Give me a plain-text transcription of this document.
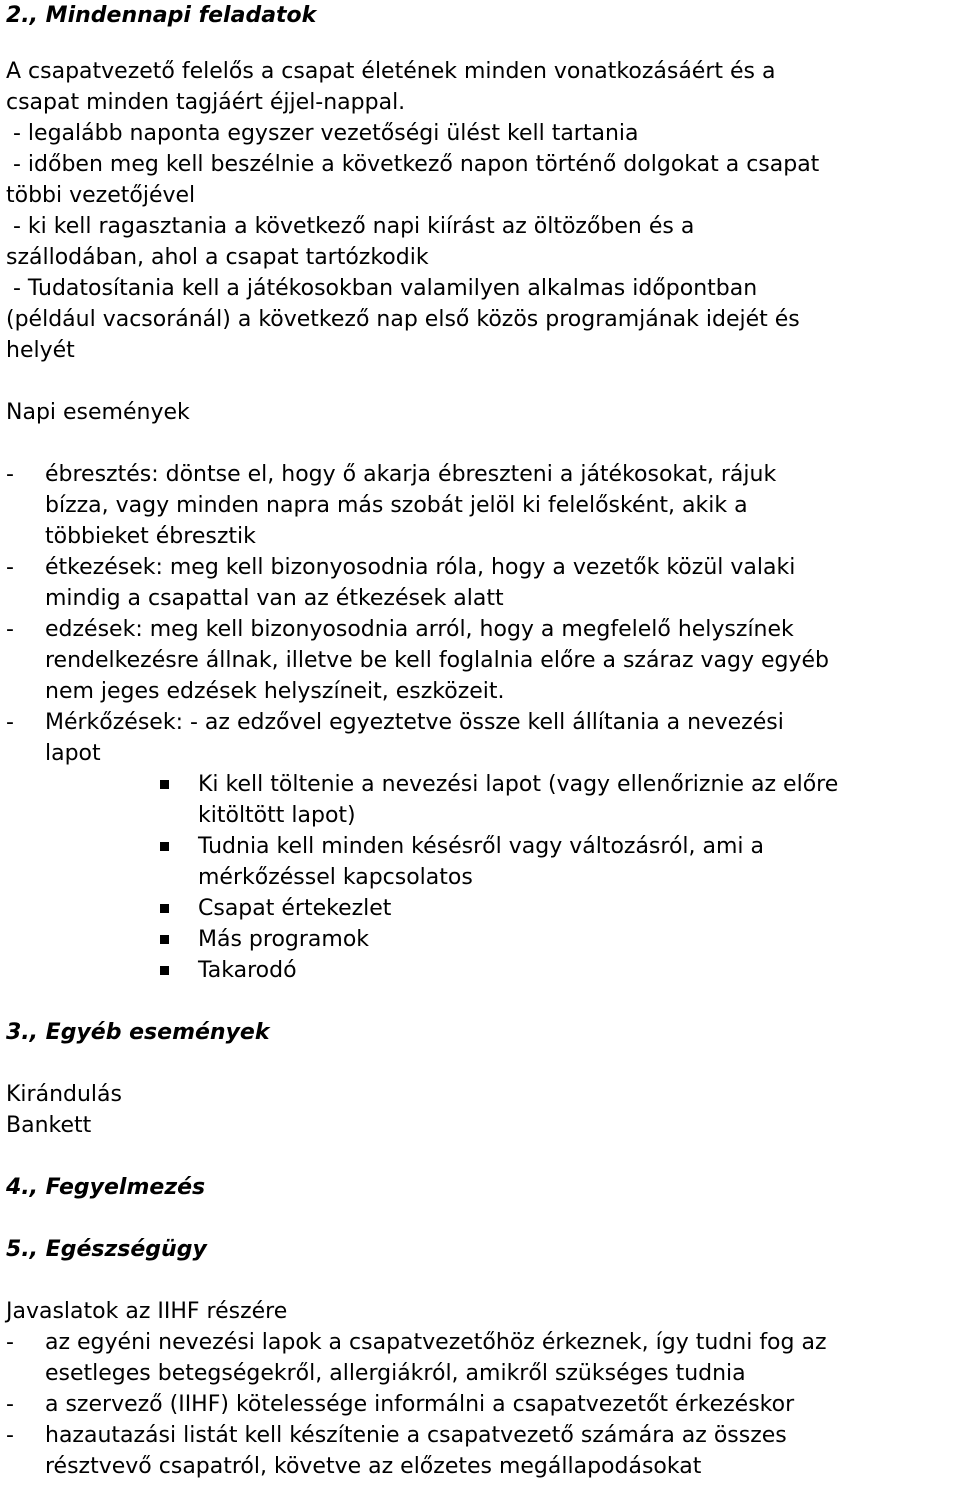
2., Mindennapi feladatok

A csapatvezető felelős a csapat életének minden vonatkozásáért és a

csapat minden tagjáért éjjel-nappal.

- legalább naponta egyszer vezetőségi ülést kell tartania

- időben meg kell beszélnie a következő napon történő dolgokat a csapat

többi vezetőjével

- ki kell ragasztania a következő napi kiírást az öltözőben és a

szállodában, ahol a csapat tartózkodik

- Tudatosítania kell a játékosokban valamilyen alkalmas időpontban

(például vacsoránál) a következő nap első közös programjának idejét és

helyét

Napi események

- ébresztés: döntse el, hogy ő akarja ébreszteni a játékosokat, rájuk
bízza, vagy minden napra más szobát jelöl ki felelősként, akik a
többieket ébresztik
- étkezések: meg kell bizonyosodnia róla, hogy a vezetők közül valaki
mindig a csapattal van az étkezések alatt
- edzések: meg kell bizonyosodnia arról, hogy a megfelelő helyszínek
rendelkezésre állnak, illetve be kell foglalnia előre a száraz vagy egyéb
nem jeges edzések helyszíneit, eszközeit.
- Mérkőzések: - az edzővel egyeztetve össze kell állítania a nevezési
lapot
Ki kell töltenie a nevezési lapot (vagy ellenőriznie az előre
kitöltött lapot)
Tudnia kell minden késésről vagy változásról, ami a
mérkőzéssel kapcsolatos
Csapat értekezlet
Más programok
Takarodó

3., Egyéb események

Kirándulás

Bankett

4., Fegyelmezés

5., Egészségügy

Javaslatok az IIHF részére

- az egyéni nevezési lapok a csapatvezetőhöz érkeznek, így tudni fog az
esetleges betegségekről, allergiákról, amikről szükséges tudnia
- a szervező (IIHF) kötelessége informálni a csapatvezetőt érkezéskor
- hazautazási listát kell készítenie a csapatvezető számára az összes
résztvevő csapatról, követve az előzetes megállapodásokat
